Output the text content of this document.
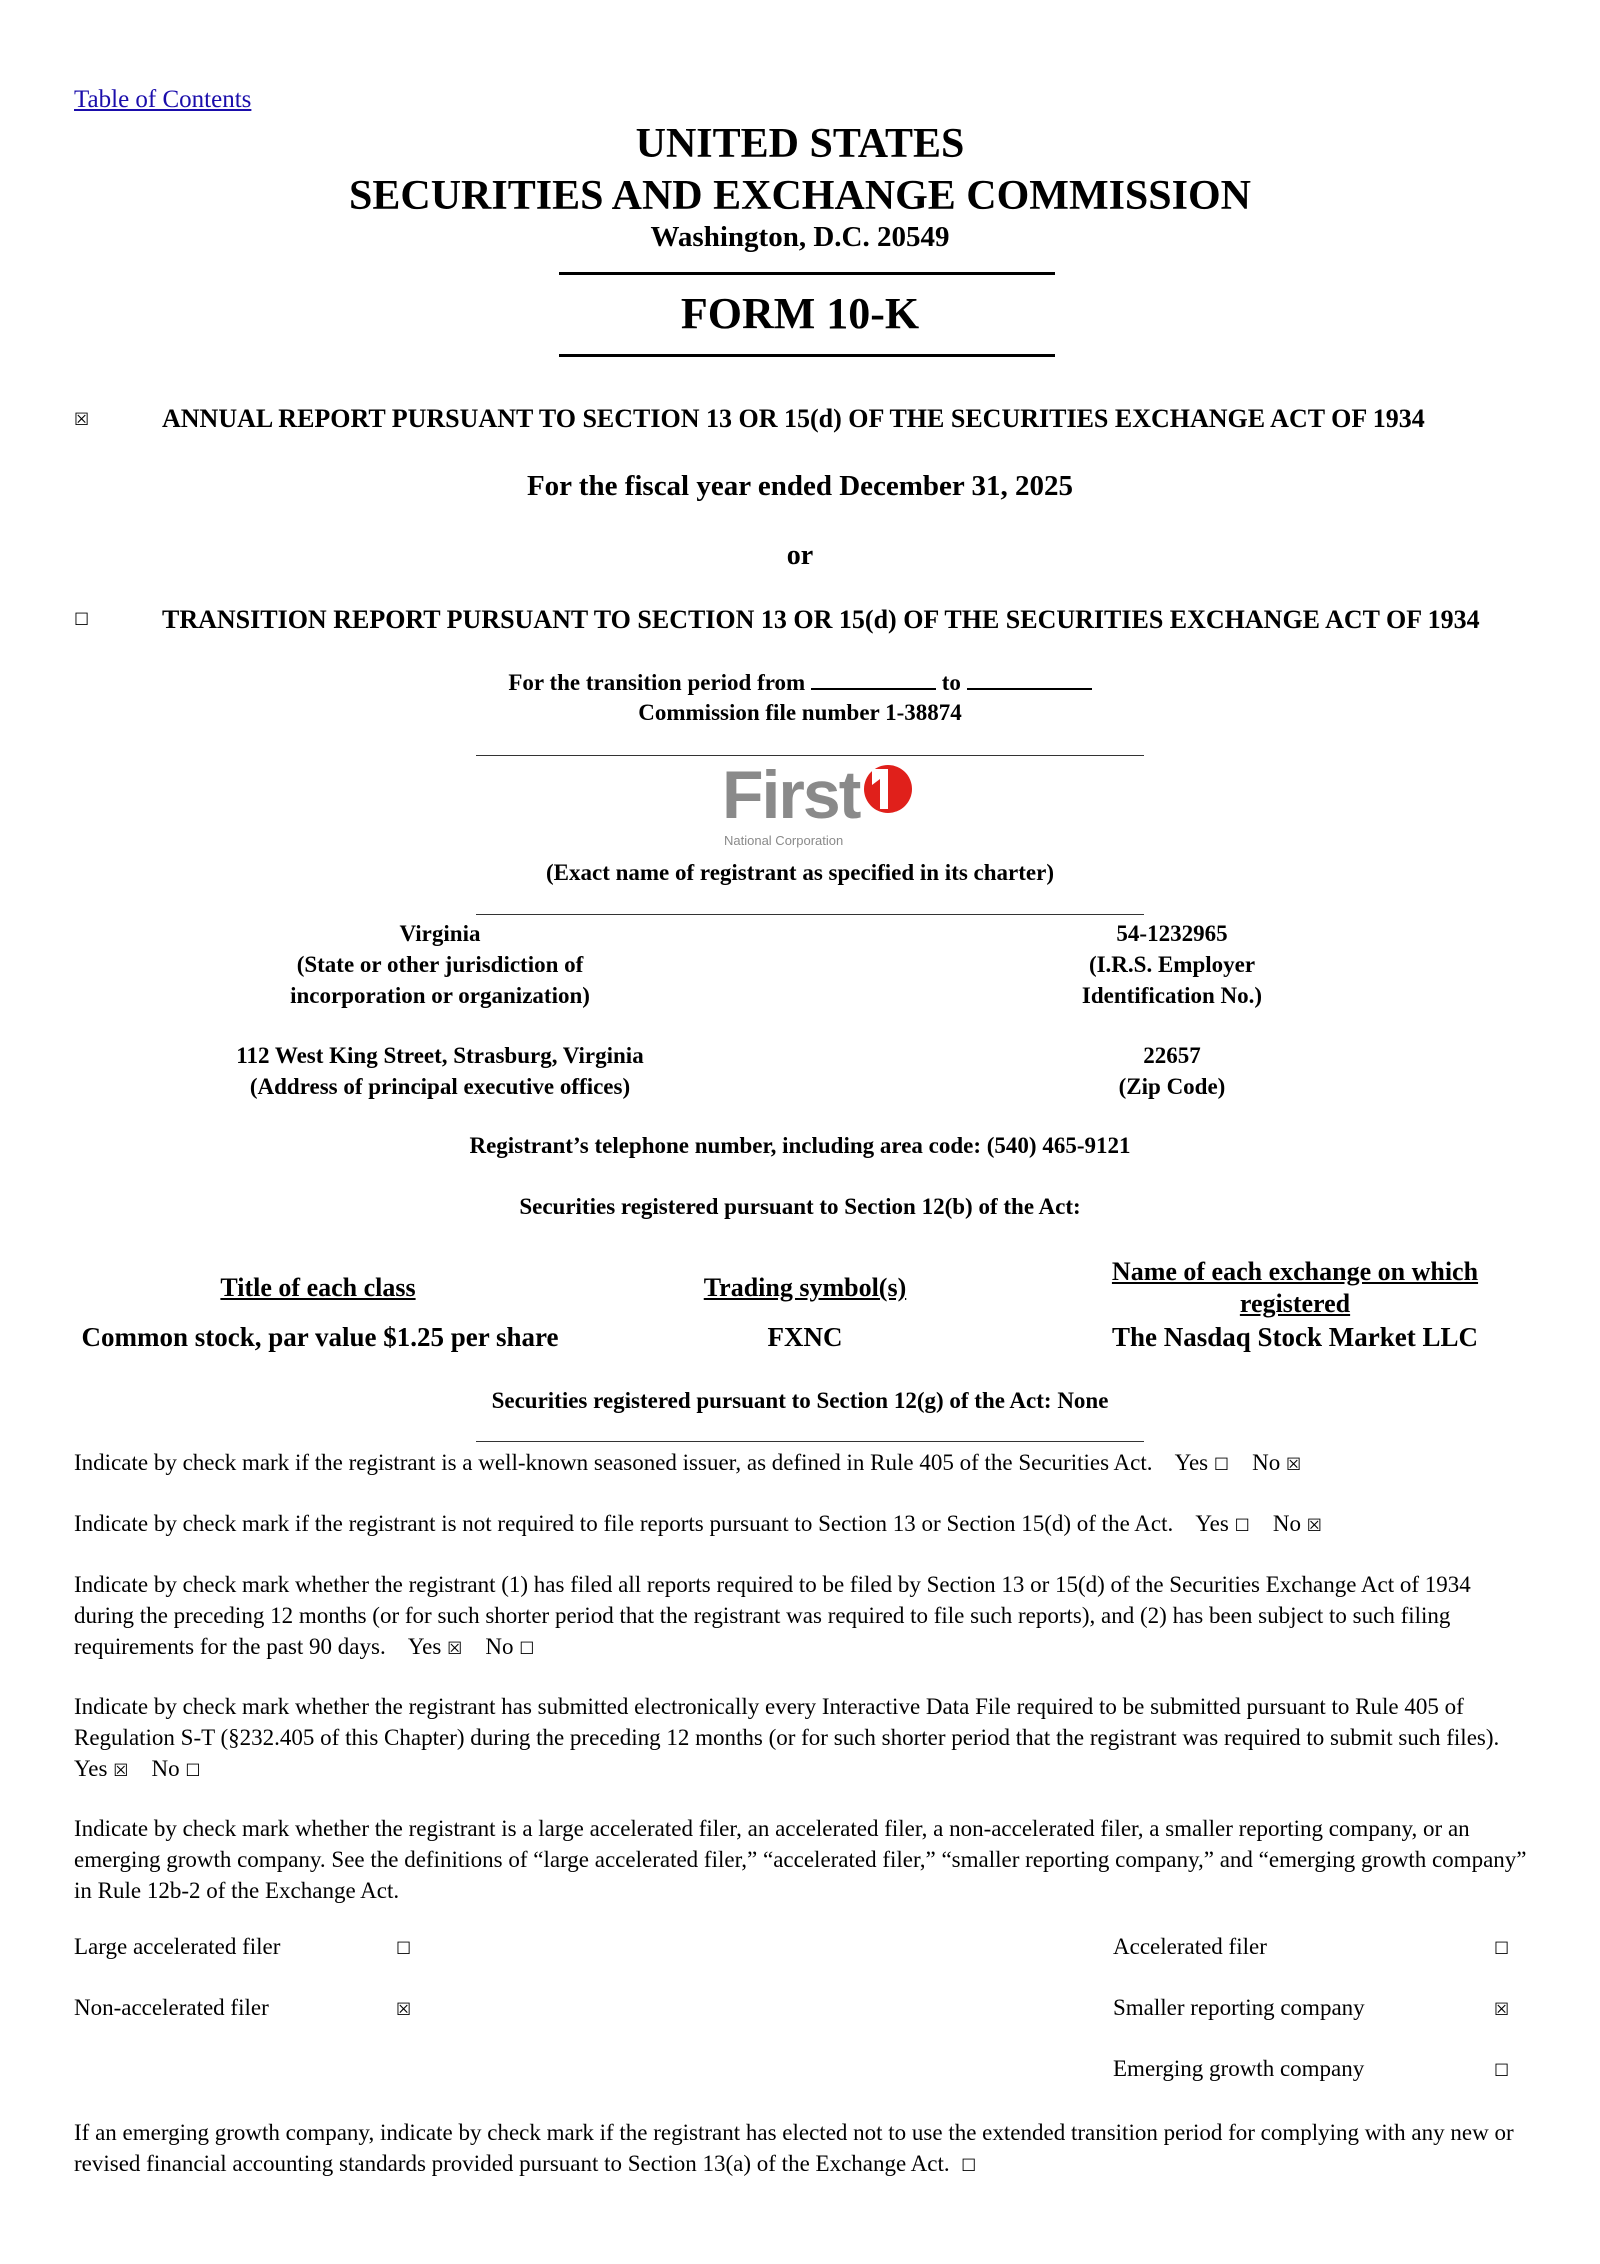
Table of Contents
UNITED STATES
SECURITIES AND EXCHANGE COMMISSION
Washington, D.C. 20549
FORM 10-K
☒	ANNUAL REPORT PURSUANT TO SECTION 13 OR 15(d) OF THE SECURITIES EXCHANGE ACT OF 1934
For the fiscal year ended December 31, 2025
or
☐	TRANSITION REPORT PURSUANT TO SECTION 13 OR 15(d) OF THE SECURITIES EXCHANGE ACT OF 1934
For the transition period from	to
Commission file number 1-38874
First
National Corporation
(Exact name of registrant as specified in its charter)
Virginia
(State or other jurisdiction of
incorporation or organization)
54-1232965
(I.R.S. Employer
Identification No.)
112 West King Street, Strasburg, Virginia
(Address of principal executive offices)
22657
(Zip Code)
Registrant’s telephone number, including area code: (540) 465-9121
Securities registered pursuant to Section 12(b) of the Act:
Title of each class	Trading symbol(s)
Name of each exchange on which
registered
Common stock, par value $1.25 per share	FXNC	The Nasdaq Stock Market LLC
Securities registered pursuant to Section 12(g) of the Act: None
Indicate by check mark if the registrant is a well-known seasoned issuer, as defined in Rule 405 of the Securities Act. Yes ☐ No ☒
Indicate by check mark if the registrant is not required to file reports pursuant to Section 13 or Section 15(d) of the Act. Yes ☐ No ☒
Indicate by check mark whether the registrant (1) has filed all reports required to be filed by Section 13 or 15(d) of the Securities Exchange Act of 1934 during the preceding 12 months (or for such shorter period that the registrant was required to file such reports), and (2) has been subject to such filing requirements for the past 90 days. Yes ☒ No ☐
Indicate by check mark whether the registrant has submitted electronically every Interactive Data File required to be submitted pursuant to Rule 405 of Regulation S-T (§232.405 of this Chapter) during the preceding 12 months (or for such shorter period that the registrant was required to submit such files).    Yes ☒ No ☐
Indicate by check mark whether the registrant is a large accelerated filer, an accelerated filer, a non-accelerated filer, a smaller reporting company, or an emerging growth company. See the definitions of “large accelerated filer,” “accelerated filer,” “smaller reporting company,” and “emerging growth company” in Rule 12b-2 of the Exchange Act.
Large accelerated filer	☐	Accelerated filer	☐
Non-accelerated filer	☒	Smaller reporting company	☒
Emerging growth company	☐
If an emerging growth company, indicate by check mark if the registrant has elected not to use the extended transition period for complying with any new or revised financial accounting standards provided pursuant to Section 13(a) of the Exchange Act. ☐
